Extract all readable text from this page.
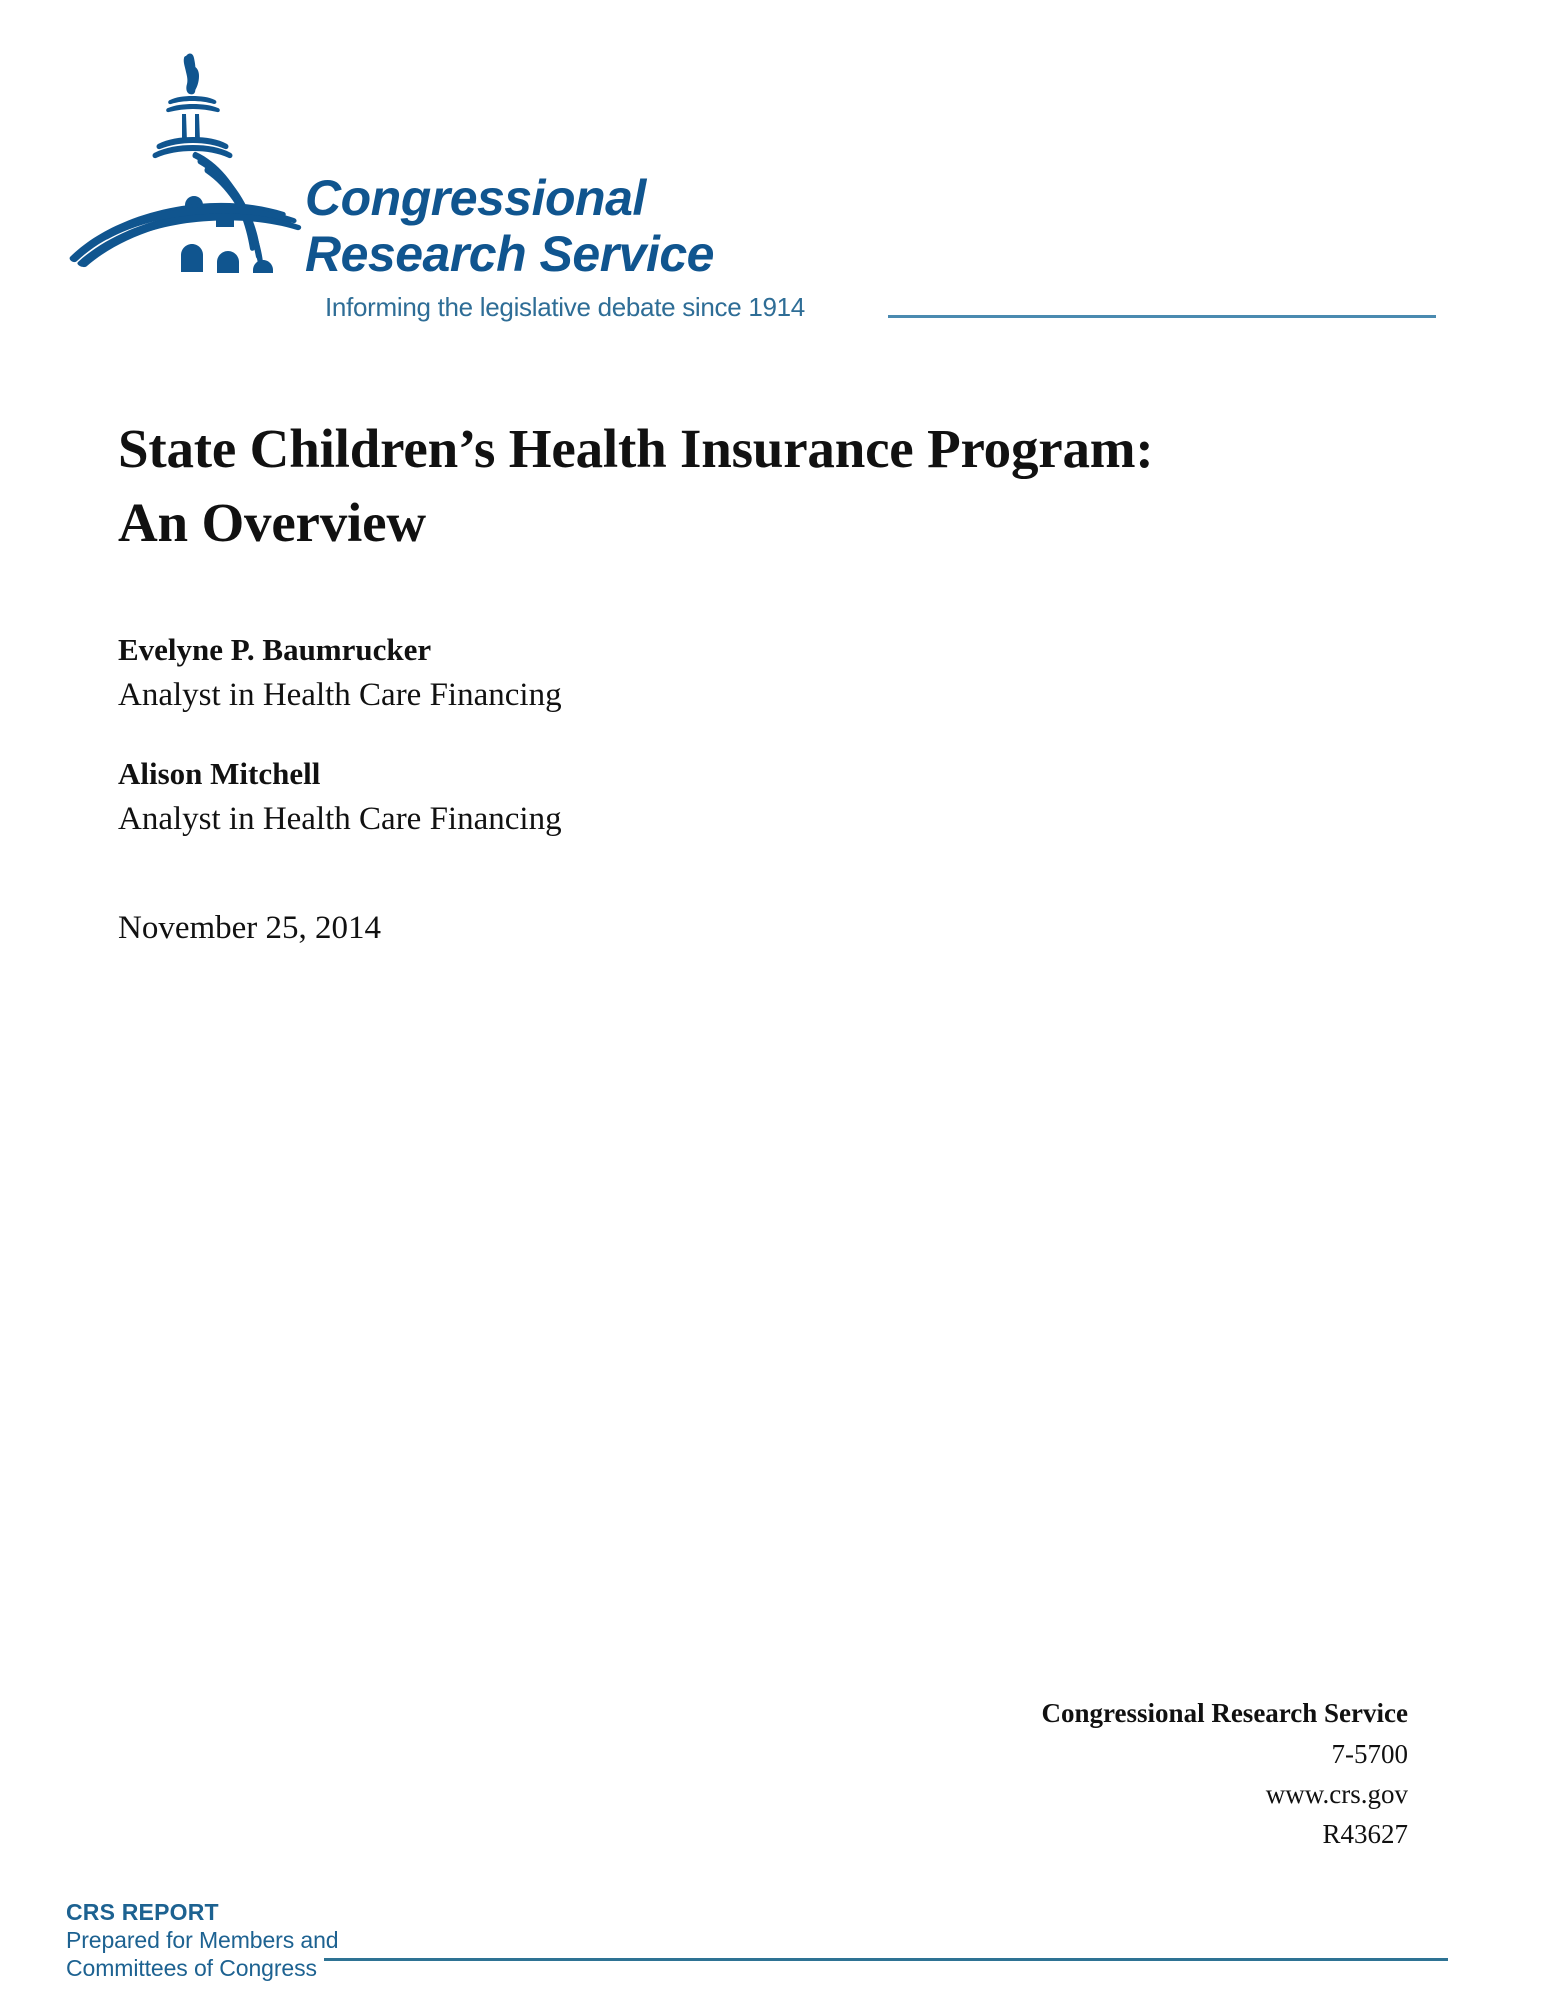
Congressional
Research Service
Informing the legislative debate since 1914
State Children’s Health Insurance Program:
An Overview
Evelyne P. Baumrucker
Analyst in Health Care Financing
Alison Mitchell
Analyst in Health Care Financing
November 25, 2014
Congressional Research Service
7-5700
www.crs.gov
R43627
CRS REPORT
Prepared for Members and
Committees of Congress
